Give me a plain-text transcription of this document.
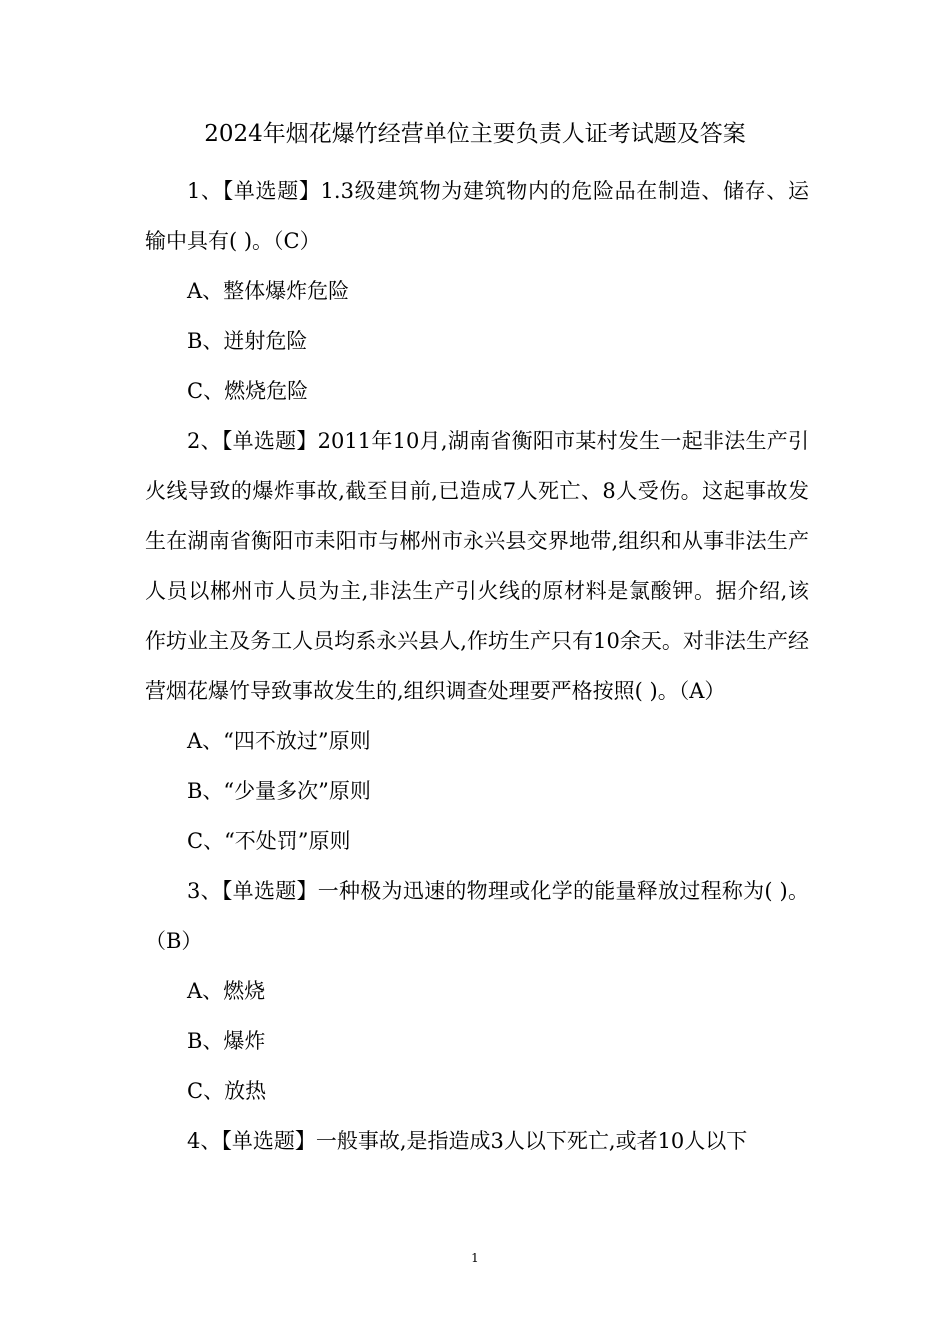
2024年烟花爆竹经营单位主要负责人证考试题及答案

1、【单选题】1.3级建筑物为建筑物内的危险品在制造、储存、运输中具有( )。（C）

A、整体爆炸危险

B、迸射危险

C、燃烧危险

2、【单选题】2011年10月,湖南省衡阳市某村发生一起非法生产引火线导致的爆炸事故,截至目前,已造成7人死亡、8人受伤。这起事故发生在湖南省衡阳市耒阳市与郴州市永兴县交界地带,组织和从事非法生产人员以郴州市人员为主,非法生产引火线的原材料是氯酸钾。据介绍,该作坊业主及务工人员均系永兴县人,作坊生产只有10余天。对非法生产经营烟花爆竹导致事故发生的,组织调查处理要严格按照( )。（A）

A、“四不放过”原则

B、“少量多次”原则

C、“不处罚”原则

3、【单选题】一种极为迅速的物理或化学的能量释放过程称为( )。（B）

A、燃烧

B、爆炸

C、放热

4、【单选题】一般事故,是指造成3人以下死亡,或者10人以下

1
